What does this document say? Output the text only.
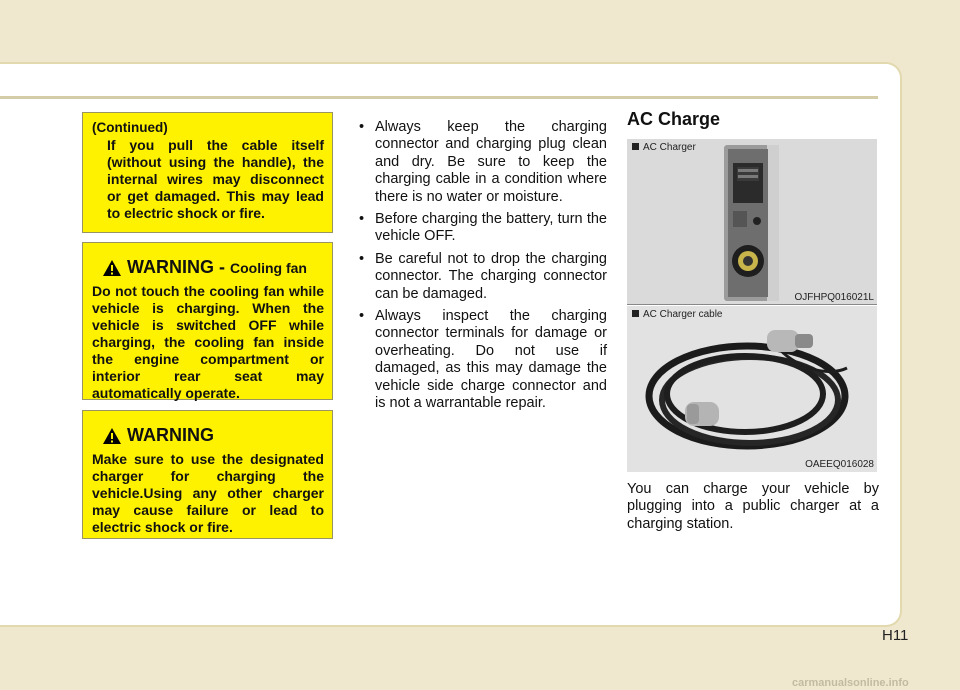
(Continued)
If you pull the cable itself (without using the handle), the internal wires may disconnect or get damaged. This may lead to electric shock or fire.
WARNING - Cooling fan
Do not touch the cooling fan while vehicle is charging. When the vehicle is switched OFF while charging, the cooling fan inside the engine compartment or interior rear seat may automatically operate.
WARNING
Make sure to use the designated charger for charging the vehicle.Using any other charger may cause failure or lead to electric shock or fire.
• Always keep the charging connector and charging plug clean and dry. Be sure to keep the charging cable in a condition where there is no water or moisture.
• Before charging the battery, turn the vehicle OFF.
• Be careful not to drop the charging connector. The charging connector can be damaged.
• Always inspect the charging connector terminals for damage or overheating. Do not use if damaged, as this may damage the vehicle side charge connector and is not a warrantable repair.
AC Charge
AC Charger
OJFHPQ016021L
AC Charger cable
OAEEQ016028
You can charge your vehicle by plugging into a public charger at a charging station.
H11
carmanualsonline.info
